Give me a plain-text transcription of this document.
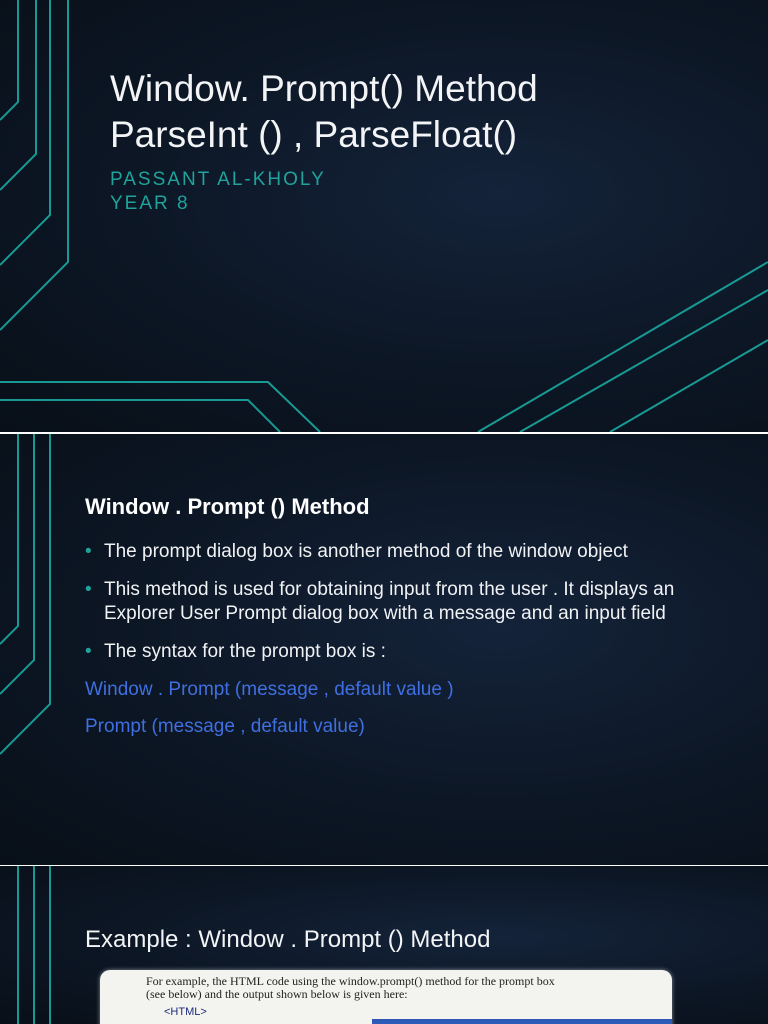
Window. Prompt() Method
ParseInt () , ParseFloat()
PASSANT AL-KHOLY
YEAR 8
Window . Prompt () Method
• The prompt dialog box is another method of the window object
• This method is used for obtaining input from the user . It displays an Explorer User Prompt dialog box with a message and an input field
• The syntax for the prompt box is :
Window . Prompt (message , default value )
Prompt (message , default value)
Example : Window . Prompt () Method
For example, the HTML code using the window.prompt() method for the prompt box
(see below) and the output shown below is given here:
<HTML>
